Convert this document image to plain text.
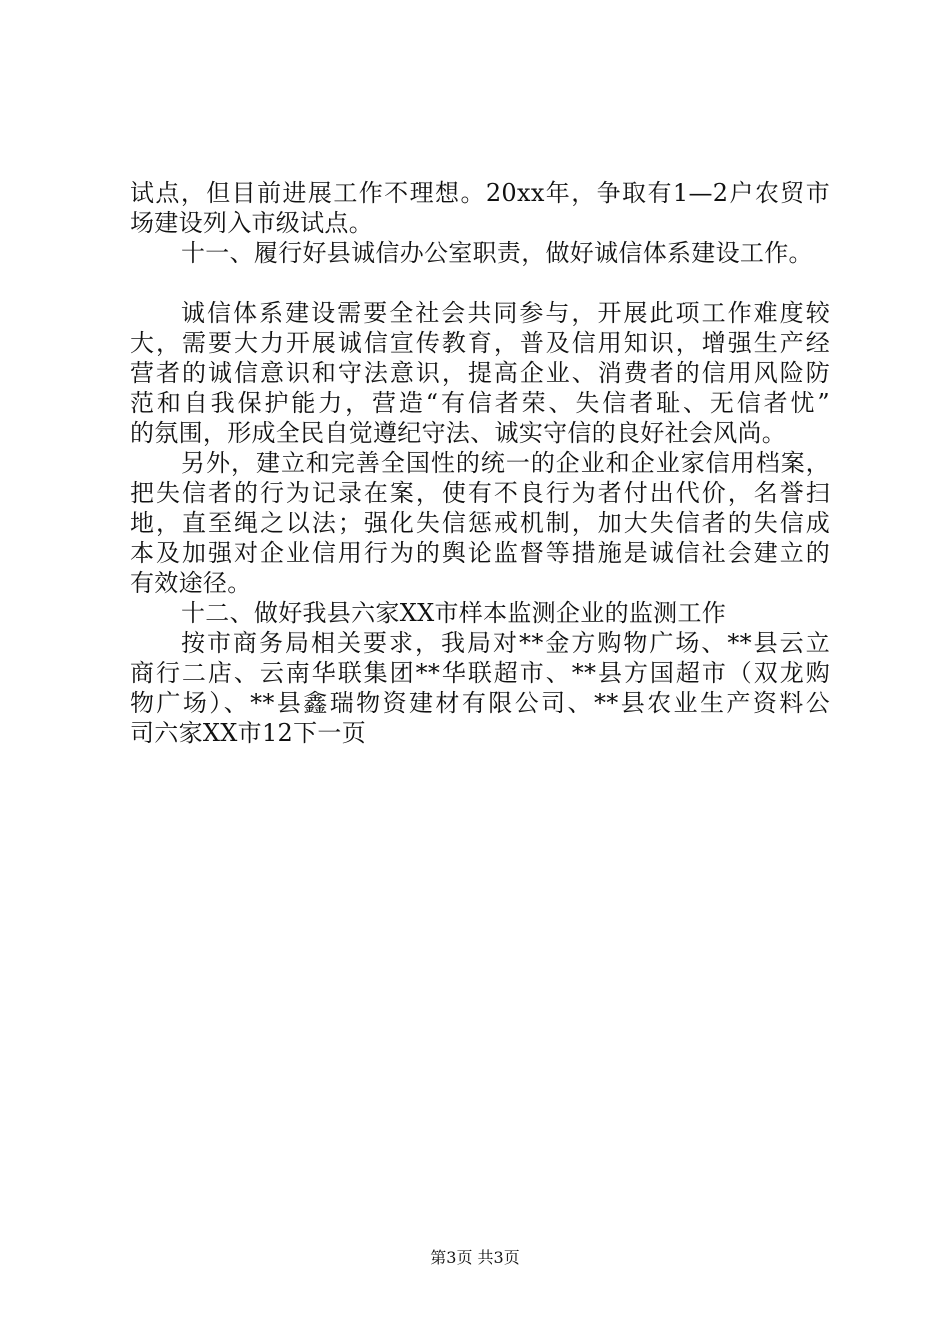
试点，但目前进展工作不理想。20xx年，争取有1—2户农贸市
场建设列入市级试点。
十一、履行好县诚信办公室职责，做好诚信体系建设工作。
诚信体系建设需要全社会共同参与，开展此项工作难度较
大，需要大力开展诚信宣传教育，普及信用知识，增强生产经
营者的诚信意识和守法意识，提高企业、消费者的信用风险防
范和自我保护能力，营造“有信者荣、失信者耻、无信者忧”
的氛围，形成全民自觉遵纪守法、诚实守信的良好社会风尚。
另外，建立和完善全国性的统一的企业和企业家信用档案，
把失信者的行为记录在案，使有不良行为者付出代价，名誉扫
地，直至绳之以法；强化失信惩戒机制，加大失信者的失信成
本及加强对企业信用行为的舆论监督等措施是诚信社会建立的
有效途径。
十二、做好我县六家XX市样本监测企业的监测工作
按市商务局相关要求，我局对**金方购物广场、**县云立
商行二店、云南华联集团**华联超市、**县方国超市（双龙购
物广场）、**县鑫瑞物资建材有限公司、**县农业生产资料公
司六家XX市12下一页
第3页 共3页
